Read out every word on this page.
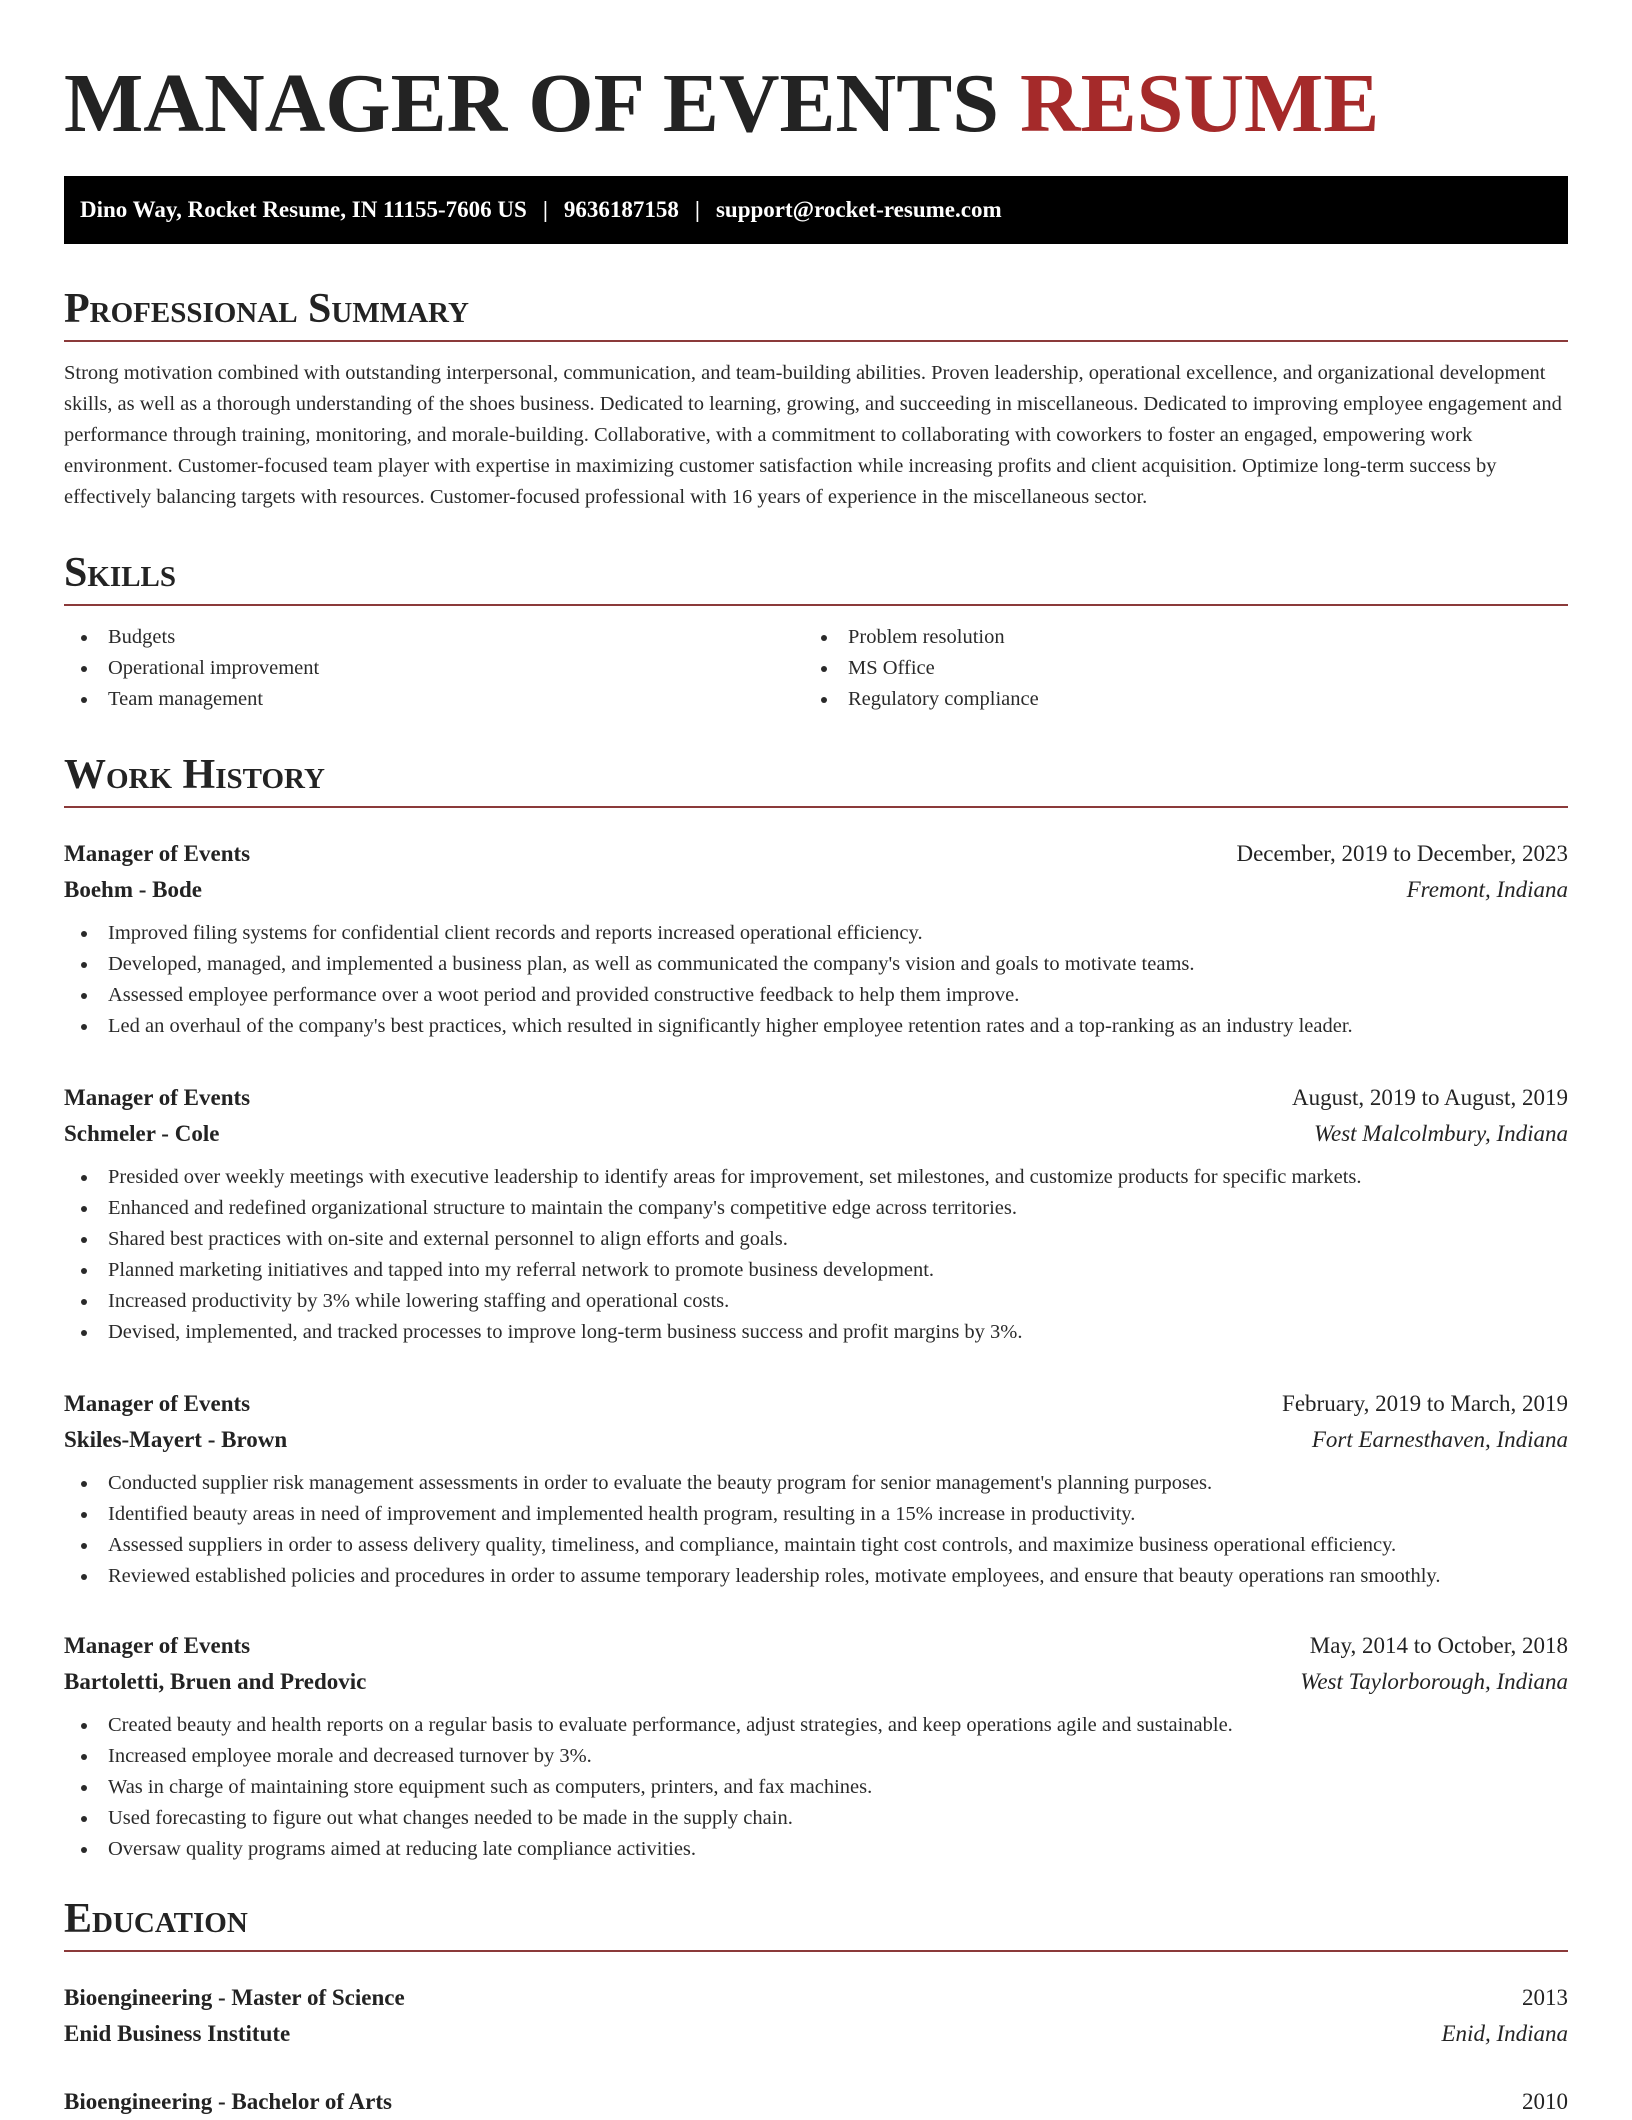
MANAGER OF EVENTS RESUME
Dino Way, Rocket Resume, IN 11155-7606 US | 9636187158 | support@rocket-resume.com
Professional Summary

Strong motivation combined with outstanding interpersonal, communication, and team-building abilities. Proven leadership, operational excellence, and organizational development skills, as well as a thorough understanding of the shoes business. Dedicated to learning, growing, and succeeding in miscellaneous. Dedicated to improving employee engagement and performance through training, monitoring, and morale-building. Collaborative, with a commitment to collaborating with coworkers to foster an engaged, empowering work environment. Customer-focused team player with expertise in maximizing customer satisfaction while increasing profits and client acquisition. Optimize long-term success by effectively balancing targets with resources. Customer-focused professional with 16 years of experience in the miscellaneous sector.

Skills
Budgets
Operational improvement
Team management
Problem resolution
MS Office
Regulatory compliance
Work History
Manager of Events	December, 2019 to December, 2023
Boehm - Bode	Fremont, Indiana
Improved filing systems for confidential client records and reports increased operational efficiency.
Developed, managed, and implemented a business plan, as well as communicated the company's vision and goals to motivate teams.
Assessed employee performance over a woot period and provided constructive feedback to help them improve.
Led an overhaul of the company's best practices, which resulted in significantly higher employee retention rates and a top-ranking as an industry leader.
Manager of Events	August, 2019 to August, 2019
Schmeler - Cole	West Malcolmbury, Indiana
Presided over weekly meetings with executive leadership to identify areas for improvement, set milestones, and customize products for specific markets.
Enhanced and redefined organizational structure to maintain the company's competitive edge across territories.
Shared best practices with on-site and external personnel to align efforts and goals.
Planned marketing initiatives and tapped into my referral network to promote business development.
Increased productivity by 3% while lowering staffing and operational costs.
Devised, implemented, and tracked processes to improve long-term business success and profit margins by 3%.
Manager of Events	February, 2019 to March, 2019
Skiles-Mayert - Brown	Fort Earnesthaven, Indiana
Conducted supplier risk management assessments in order to evaluate the beauty program for senior management's planning purposes.
Identified beauty areas in need of improvement and implemented health program, resulting in a 15% increase in productivity.
Assessed suppliers in order to assess delivery quality, timeliness, and compliance, maintain tight cost controls, and maximize business operational efficiency.
Reviewed established policies and procedures in order to assume temporary leadership roles, motivate employees, and ensure that beauty operations ran smoothly.
Manager of Events	May, 2014 to October, 2018
Bartoletti, Bruen and Predovic	West Taylorborough, Indiana
Created beauty and health reports on a regular basis to evaluate performance, adjust strategies, and keep operations agile and sustainable.
Increased employee morale and decreased turnover by 3%.
Was in charge of maintaining store equipment such as computers, printers, and fax machines.
Used forecasting to figure out what changes needed to be made in the supply chain.
Oversaw quality programs aimed at reducing late compliance activities.
Education
Bioengineering - Master of Science	2013
Enid Business Institute	Enid, Indiana
Bioengineering - Bachelor of Arts	2010
